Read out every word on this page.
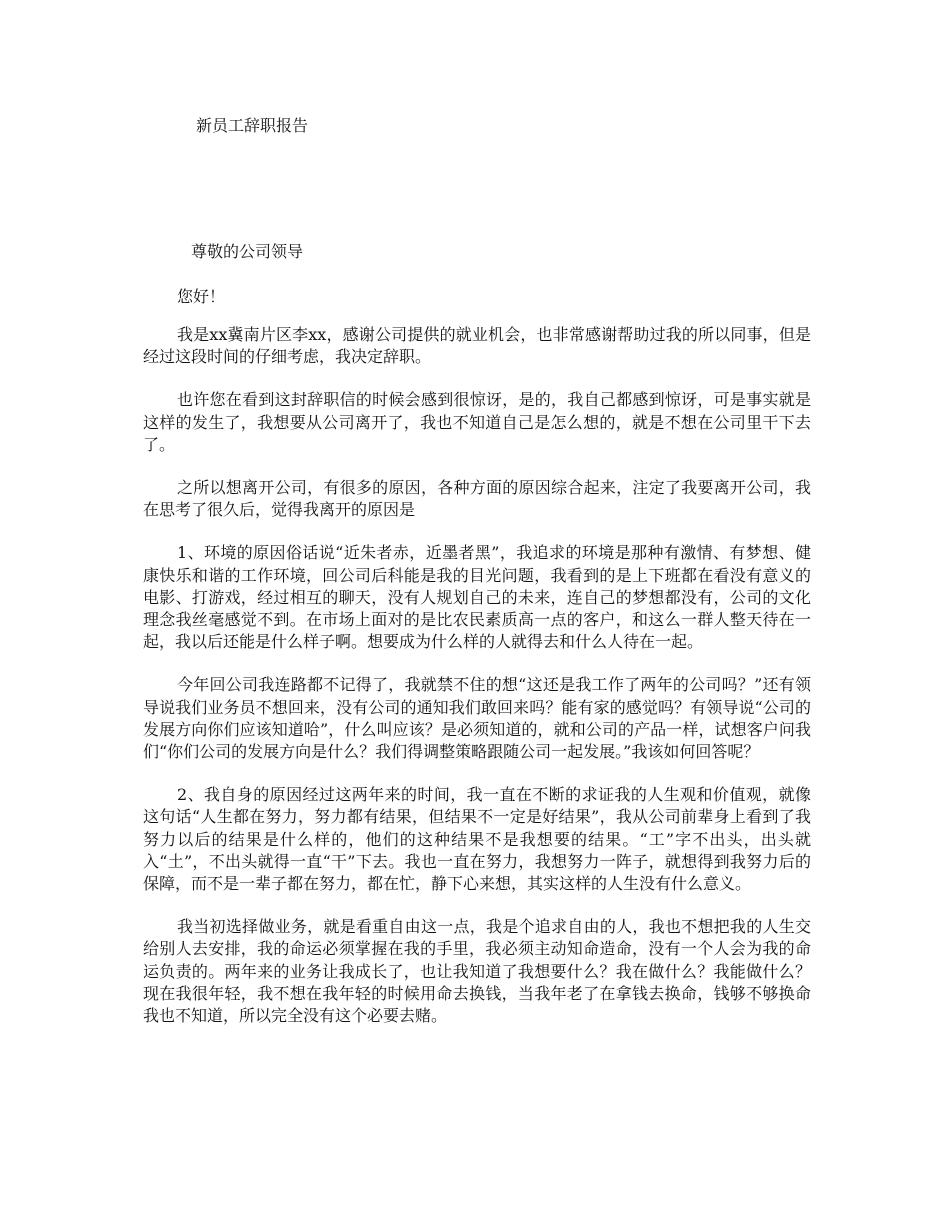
新员工辞职报告
尊敬的公司领导
您好！

我是xx冀南片区李xx，感谢公司提供的就业机会，也非常感谢帮助过我的所以同事，但是经过这段时间的仔细考虑，我决定辞职。

也许您在看到这封辞职信的时候会感到很惊讶，是的，我自己都感到惊讶，可是事实就是这样的发生了，我想要从公司离开了，我也不知道自己是怎么想的，就是不想在公司里干下去了。

之所以想离开公司，有很多的原因，各种方面的原因综合起来，注定了我要离开公司，我在思考了很久后，觉得我离开的原因是

1、环境的原因俗话说“近朱者赤，近墨者黑”，我追求的环境是那种有激情、有梦想、健康快乐和谐的工作环境，回公司后科能是我的目光问题，我看到的是上下班都在看没有意义的电影、打游戏，经过相互的聊天，没有人规划自己的未来，连自己的梦想都没有，公司的文化理念我丝毫感觉不到。在市场上面对的是比农民素质高一点的客户，和这么一群人整天待在一起，我以后还能是什么样子啊。想要成为什么样的人就得去和什么人待在一起。

今年回公司我连路都不记得了，我就禁不住的想“这还是我工作了两年的公司吗？”还有领导说我们业务员不想回来，没有公司的通知我们敢回来吗？能有家的感觉吗？有领导说“公司的发展方向你们应该知道哈”，什么叫应该？是必须知道的，就和公司的产品一样，试想客户问我们“你们公司的发展方向是什么？我们得调整策略跟随公司一起发展。”我该如何回答呢？

2、我自身的原因经过这两年来的时间，我一直在不断的求证我的人生观和价值观，就像这句话“人生都在努力，努力都有结果，但结果不一定是好结果”，我从公司前辈身上看到了我努力以后的结果是什么样的，他们的这种结果不是我想要的结果。“工”字不出头，出头就入“土”，不出头就得一直“干”下去。我也一直在努力，我想努力一阵子，就想得到我努力后的保障，而不是一辈子都在努力，都在忙，静下心来想，其实这样的人生没有什么意义。

我当初选择做业务，就是看重自由这一点，我是个追求自由的人，我也不想把我的人生交给别人去安排，我的命运必须掌握在我的手里，我必须主动知命造命，没有一个人会为我的命运负责的。两年来的业务让我成长了，也让我知道了我想要什么？我在做什么？我能做什么？现在我很年轻，我不想在我年轻的时候用命去换钱，当我年老了在拿钱去换命，钱够不够换命我也不知道，所以完全没有这个必要去赌。
